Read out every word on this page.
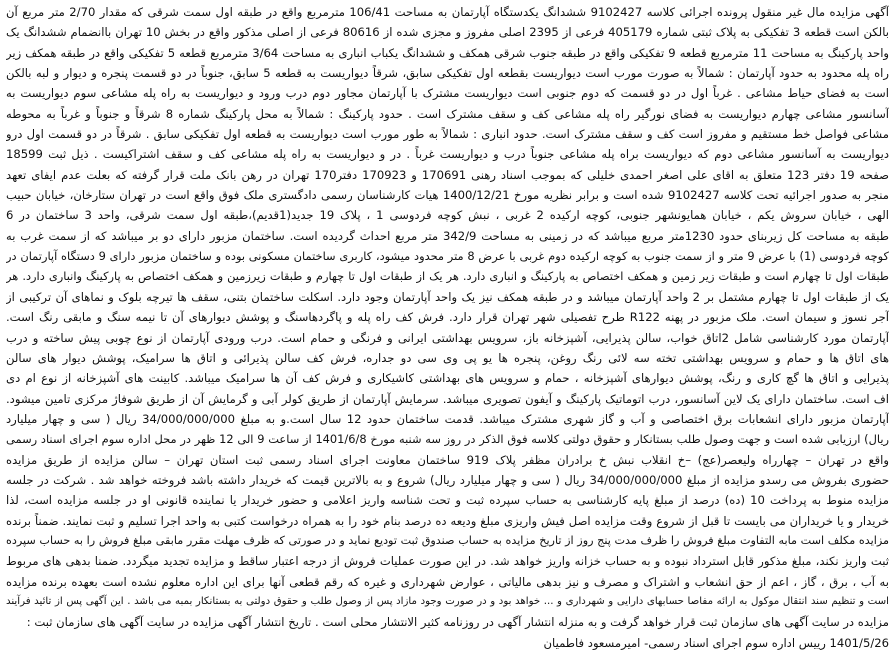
آگهی مزایده مال غیر منقول پرونده اجرائی کلاسه 9102427 ششدانگ یکدستگاه آپارتمان به مساحت 106/41 مترمربع واقع در طبقه اول سمت شرقی که مقدار 2/70 متر مربع آن
بالکن است قطعه 3 تفکیکی به پلاک ثبتی شماره 405179 فرعی از 2395 اصلی مفروز و مجزی شده از 80616 فرعی از اصلی مذکور واقع در بخش 10 تهران باانضمام ششدانگ یک
واحد پارکینگ به مساحت 11 مترمربع قطعه 9 تفکیکی واقع در طبقه جنوب شرقی همکف و ششدانگ یکباب انباری به مساحت 3/64 مترمربع قطعه 5 تفکیکی واقع در طبقه همکف زیر
راه پله محدود به حدود آپارتمان : شمالاً به صورت مورب است دیواریست بقطعه اول تفکیکی سابق، شرقاً دیواریست به قطعه 5 سابق، جنوباً در دو قسمت پنجره و دیوار و لبه بالکن
است به فضای حیاط مشاعی . غرباً اول در دو قسمت که دوم جنوبی است دیواریست مشترک با آپارتمان مجاور دوم درب ورود و دیواریست به راه پله مشاعی سوم دیواریست به
آسانسور مشاعی چهارم دیواریست به فضای نورگیر راه پله مشاعی کف و سقف مشترک است . حدود پارکینگ : شمالاً به محل پارکینگ شماره 8 شرقاً و جنوباً و غرباً به محوطه
مشاعی فواصل خط مستقیم و مفروز است کف و سقف مشترک است. حدود انباری : شمالاً به طور مورب است دیواریست به قطعه اول تفکیکی سابق . شرقاً در دو قسمت اول درو
دیواریست به آسانسور مشاعی دوم که دیواریست براه پله مشاعی جنوباً درب و دیواریست غرباً . در و دیواریست به راه پله مشاعی کف و سقف اشتراکیست . ذیل ثبت 18599
صفحه 19 دفتر 123 متعلق به اقای علی اصغر احمدی خلیلی که بموجب اسناد رهنی 170691 و 170923 دفتر170 تهران در رهن بانک ملت قرار گرفته که بعلت عدم ایفای تعهد
منجر به صدور اجرائیه تحت کلاسه 9102427 شده است و برابر نظریه مورخ 1400/12/21 هیات کارشناسان رسمی دادگستری ملک فوق واقع است در تهران ستارخان، خیابان حبیب
الهی ، خیابان سروش یکم ، خیابان همایونشهر جنوبی، کوچه ارکیده 2 غربی ، نبش کوچه فردوسی 1 ، پلاک 19 جدید(1قدیم)،طبقه اول سمت شرقی، واحد 3 ساختمان در 6
طبقه به مساحت کل زیربنای حدود 1230متر مربع میباشد که در زمینی به مساحت 342/9 متر مربع احداث گردیده است. ساختمان مزبور دارای دو بر میباشد که از سمت غرب به
کوچه فردوسی (1) با عرض 9 متر و از سمت جنوب به کوچه ارکیده دوم غربی با عرض 8 متر محدود میشود، کاربری ساختمان مسکونی بوده و ساختمان مزبور دارای 9 دستگاه آپارتمان در
طبقات اول تا چهارم است و طبقات زیر زمین و همکف اختصاص به پارکینگ و انباری دارد. هر یک از طبقات اول تا چهارم و طبقات زیرزمین و همکف اختصاص به پارکینگ وانباری دارد. هر
یک از طبقات اول تا چهارم مشتمل بر 2 واحد آپارتمان میباشد و در طبقه همکف نیز یک واحد آپارتمان وجود دارد. اسکلت ساختمان بتنی، سقف ها تیرچه بلوک و نماهای آن ترکیبی از
آجر نسوز و سیمان است. ملک مزبور در پهنه R122 طرح تفصیلی شهر تهران قرار دارد. فرش کف راه پله و پاگردهاسنگ و پوشش دیوارهای آن تا نیمه سنگ و مابقی رنگ است.
آپارتمان مورد کارشناسی شامل 2اتاق خواب، سالن پذیرایی، آشپزخانه باز، سرویس بهداشتی ایرانی و فرنگی و حمام است. درب ورودی آپارتمان از نوع چوبی پیش ساخته و درب
های اتاق ها و حمام و سرویس بهداشتی تخته سه لائی رنگ روغن، پنجره ها یو پی وی سی دو جداره، فرش کف سالن پذیرائی و اتاق ها سرامیک، پوشش دیوار های سالن
پذیرایی و اتاق ها گچ کاری و رنگ، پوشش دیوارهای آشپزخانه ، حمام و سرویس های بهداشتی کاشیکاری و فرش کف آن ها سرامیک میباشد. کابینت های آشپزخانه از نوع ام دی
اف است. ساختمان دارای یک لاین آسانسور، درب اتوماتیک پارکینگ و آیفون تصویری میباشد. سرمایش آپارتمان از طریق کولر آبی و گرمایش آن از طریق شوفاژ مرکزی تامین میشود.
آپارتمان مزبور دارای انشعابات برق اختصاصی و آب و گاز شهری مشترک میباشد. قدمت ساختمان حدود 12 سال است.و به مبلغ 34/000/000/000 ریال ( سی و چهار میلیارد
ریال) ارزیابی شده است و جهت وصول طلب بستانکار و حقوق دولتی کلاسه فوق الذکر در روز سه شنبه مورخ 1401/6/8 از ساعت 9 الی 12 ظهر در محل اداره سوم اجرای اسناد رسمی
واقع در تهران – چهارراه ولیعصر(عج) –خ انقلاب نبش خ برادران مظفر پلاک 919 ساختمان معاونت اجرای اسناد رسمی ثبت استان تهران – سالن مزایده از طریق مزایده
حضوری بفروش می رسدو مزایده از مبلغ 34/000/000/000 ریال ( سی و چهار میلیارد ریال) شروع و به بالاترین قیمت که خریدار داشته باشد فروخته خواهد شد . شرکت در جلسه
مزایده منوط به پرداخت 10 (ده) درصد از مبلغ پایه کارشناسی به حساب سپرده ثبت و تحت شناسه واریز اعلامی و حضور خریدار یا نماینده قانونی او در جلسه مزایده است، لذا
خریدار و یا خریداران می بایست تا قبل از شروع وقت مزایده اصل فیش واریزی مبلغ ودیعه ده درصد بنام خود را به همراه درخواست کتبی به واحد اجرا تسلیم و ثبت نمایند. ضمناً برنده
مزایده مکلف است مابه التفاوت مبلغ فروش را ظرف مدت پنج روز از تاریخ مزایده به حساب صندوق ثبت تودیع نماید و در صورتی که ظرف مهلت مقرر مابقی مبلغ فروش را به حساب سپرده
ثبت واریز نکند، مبلغ مذکور قابل استرداد نبوده و به حساب خزانه واریز خواهد شد. در این صورت عملیات فروش از درجه اعتبار ساقط و مزایده تجدید میگردد. ضمنا بدهی های مربوط
به آب ، برق ، گاز ، اعم از حق انشعاب و اشتراک و مصرف و نیز بدهی مالیاتی ، عوارض شهرداری و غیره که رقم قطعی آنها برای این اداره معلوم نشده است بعهده برنده مزایده
است و تنظیم سند انتقال موکول به ارائه مفاصا حسابهای دارایی و شهرداری و ... خواهد بود و در صورت وجود مازاد پس از وصول طلب و حقوق دولتی به بستانکار بمبه می باشد . این آگهی پس از تائید فرآیند
مزایده در سایت آگهی های سازمان ثبت قرار خواهد گرفت و به منزله انتشار آگهی در روزنامه کثیر الانتشار محلی است . تاریخ انتشار آگهی مزایده در سایت آگهی های سازمان ثبت :
1401/5/26 رییس اداره سوم اجرای اسناد رسمی- امیرمسعود فاطمیان
